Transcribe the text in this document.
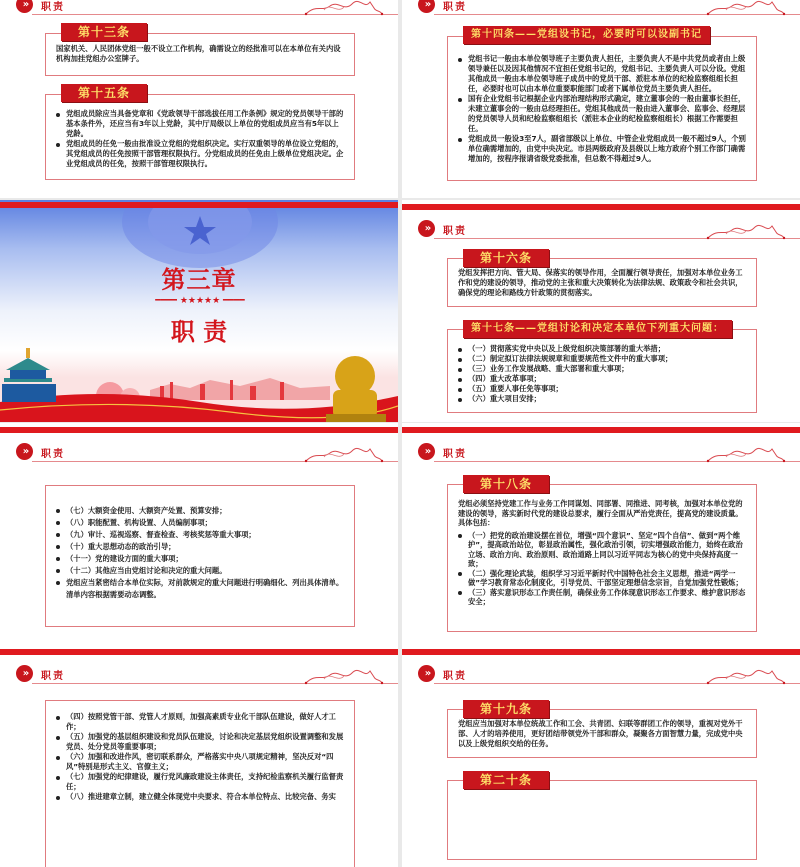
»	职责

国家机关、人民团体党组一般不设立工作机构，确需设立的经批准可以在本单位有关内设机构加挂党组办公室牌子。

第十三条
党组成员除应当具备党章和《党政领导干部选拔任用工作条例》规定的党员领导干部的基本条件外，还应当有3年以上党龄，其中厅局级以上单位的党组成员应当有5年以上党龄。
党组成员的任免一般由批准设立党组的党组织决定。实行双重领导的单位设立党组的，其党组成员的任免按照干部管理权限执行。分党组成员的任免由上级单位党组决定。企业党组成员的任免，按照干部管理权限执行。
第十五条
»	职责
党组书记一般由本单位领导班子主要负责人担任，主要负责人不是中共党员或者由上级领导兼任以及因其他情况不宜担任党组书记的，党组书记、主要负责人可以分设。党组其他成员一般由本单位领导班子成员中的党员干部、派驻本单位的纪检监察组组长担任，必要时也可以由本单位重要职能部门或者下属单位党员主要负责人担任。
国有企业党组书记根据企业内部治理结构形式确定，建立董事会的一般由董事长担任，未建立董事会的一般由总经理担任。党组其他成员一般由进入董事会、监事会、经理层的党员领导人员和纪检监察组组长（派驻本企业的纪检监察组组长）根据工作需要担任。
党组成员一般设3至7人，副省部级以上单位、中管企业党组成员一般不超过9人，个别单位确需增加的，由党中央决定。市县两级政府及县级以上地方政府个别工作部门确需增加的，按程序报请省级党委批准，但总数不得超过9人。
第十四条——党组设书记，必要时可以设副书记
第三章
━━━━ ★★★★★ ━━━━
职 责
»	职责

党组发挥把方向、管大局、保落实的领导作用，全面履行领导责任，加强对本单位业务工作和党的建设的领导，推动党的主张和重大决策转化为法律法规、政策政令和社会共识，确保党的理论和路线方针政策的贯彻落实。

第十六条
（一）贯彻落实党中央以及上级党组织决策部署的重大举措；
（二）制定拟订法律法规规章和重要规范性文件中的重大事项；
（三）业务工作发展战略、重大部署和重大事项；
（四）重大改革事项；
（五）重要人事任免等事项；
（六）重大项目安排；
第十七条——党组讨论和决定本单位下列重大问题：
»	职责
（七）大额资金使用、大额资产处置、预算安排；
（八）职能配置、机构设置、人员编制事项；
（九）审计、巡视巡察、督查检查、考核奖惩等重大事项；
（十）重大思想动态的政治引导；
（十一）党的建设方面的重大事项；
（十二）其他应当由党组讨论和决定的重大问题。
党组应当紧密结合本单位实际，对前款规定的重大问题进行明确细化、列出具体清单。清单内容根据需要动态调整。
»	职责

党组必须坚持党建工作与业务工作同谋划、同部署、同推进、同考核，加强对本单位党的建设的领导，落实新时代党的建设总要求，履行全面从严治党责任，提高党的建设质量。具体包括：

（一）把党的政治建设摆在首位，增强“四个意识”、坚定“四个自信”、做到“两个维护”，提高政治站位，彰显政治属性，强化政治引领，切实增强政治能力，始终在政治立场、政治方向、政治原则、政治道路上同以习近平同志为核心的党中央保持高度一致；
（二）强化理论武装，组织学习习近平新时代中国特色社会主义思想，推进“两学一做”学习教育常态化制度化，引导党员、干部坚定理想信念宗旨，自觉加强党性锻炼；
（三）落实意识形态工作责任制，确保业务工作体现意识形态工作要求、维护意识形态安全；
第十八条
»	职责
（四）按照党管干部、党管人才原则，加强高素质专业化干部队伍建设，做好人才工作；
（五）加强党的基层组织建设和党员队伍建设，讨论和决定基层党组织设置调整和发展党员、处分党员等重要事项；
（六）加强和改进作风，密切联系群众，严格落实中央八项规定精神，坚决反对“四风”特别是形式主义、官僚主义；
（七）加强党的纪律建设，履行党风廉政建设主体责任，支持纪检监察机关履行监督责任；
（八）推进建章立制，建立健全体现党中央要求、符合本单位特点、比较完备、务实
»	职责

党组应当加强对本单位统战工作和工会、共青团、妇联等群团工作的领导，重视对党外干部、人才的培养使用，更好团结带领党外干部和群众，凝聚各方面智慧力量，完成党中央以及上级党组织交给的任务。

第十九条
第二十条
